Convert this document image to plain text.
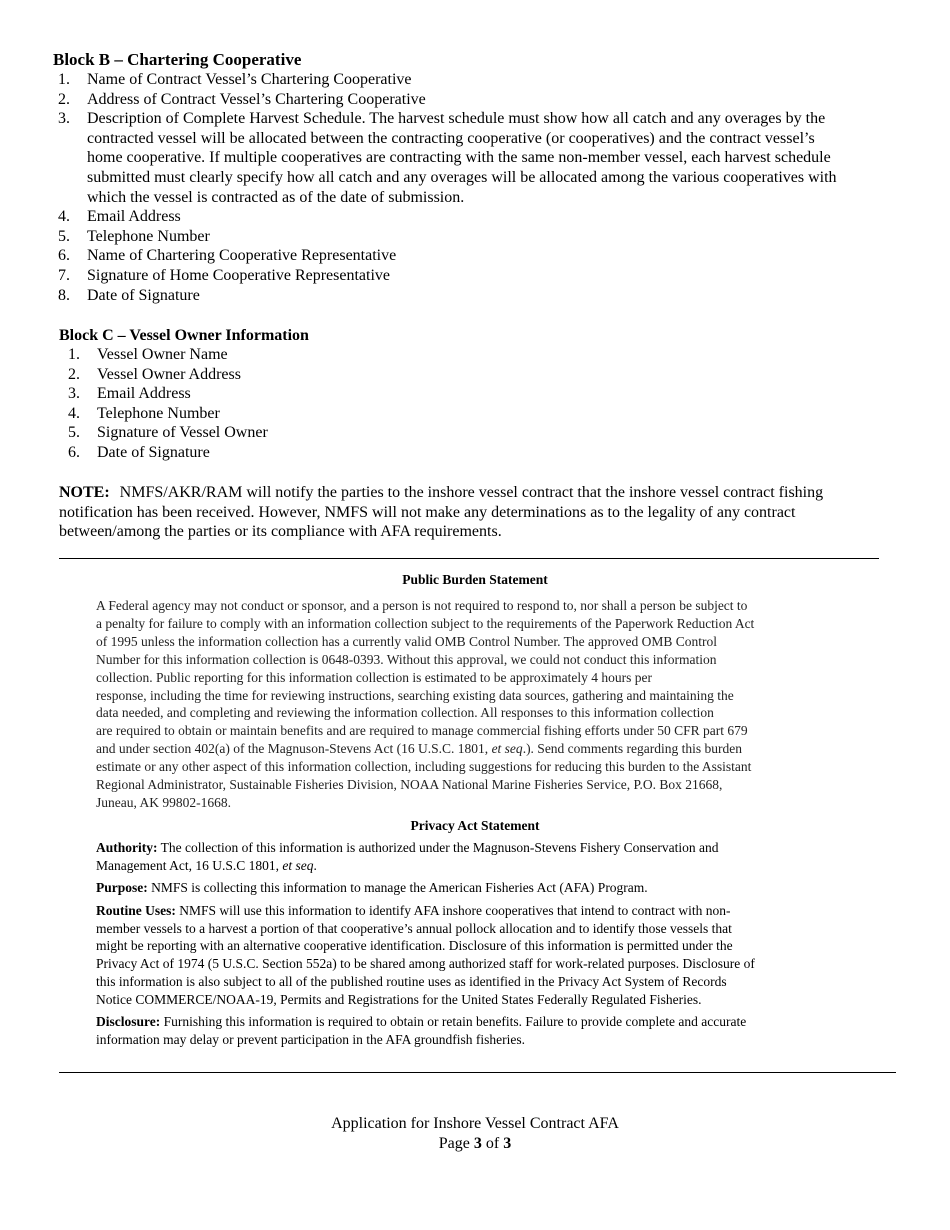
Block B – Chartering Cooperative
1. Name of Contract Vessel’s Chartering Cooperative
2. Address of Contract Vessel’s Chartering Cooperative
3. Description of Complete Harvest Schedule. The harvest schedule must show how all catch and any overages by the
contracted vessel will be allocated between the contracting cooperative (or cooperatives) and the contract vessel’s
home cooperative. If multiple cooperatives are contracting with the same non-member vessel, each harvest schedule
submitted must clearly specify how all catch and any overages will be allocated among the various cooperatives with
which the vessel is contracted as of the date of submission.
4. Email Address
5. Telephone Number
6. Name of Chartering Cooperative Representative
7. Signature of Home Cooperative Representative
8. Date of Signature
Block C – Vessel Owner Information
1. Vessel Owner Name
2. Vessel Owner Address
3. Email Address
4. Telephone Number
5. Signature of Vessel Owner
6. Date of Signature
NOTE: NMFS/AKR/RAM will notify the parties to the inshore vessel contract that the inshore vessel contract fishing
notification has been received. However, NMFS will not make any determinations as to the legality of any contract
between/among the parties or its compliance with AFA requirements.
Public Burden Statement
A Federal agency may not conduct or sponsor, and a person is not required to respond to, nor shall a person be subject to
a penalty for failure to comply with an information collection subject to the requirements of the Paperwork Reduction Act
of 1995 unless the information collection has a currently valid OMB Control Number. The approved OMB Control
Number for this information collection is 0648-0393. Without this approval, we could not conduct this information
collection. Public reporting for this information collection is estimated to be approximately 4 hours per
response, including the time for reviewing instructions, searching existing data sources, gathering and maintaining the
data needed, and completing and reviewing the information collection. All responses to this information collection
are required to obtain or maintain benefits and are required to manage commercial fishing efforts under 50 CFR part 679
and under section 402(a) of the Magnuson-Stevens Act (16 U.S.C. 1801, et seq.). Send comments regarding this burden
estimate or any other aspect of this information collection, including suggestions for reducing this burden to the Assistant
Regional Administrator, Sustainable Fisheries Division, NOAA National Marine Fisheries Service, P.O. Box 21668,
Juneau, AK 99802-1668.
Privacy Act Statement
Authority: The collection of this information is authorized under the Magnuson-Stevens Fishery Conservation and
Management Act, 16 U.S.C 1801, et seq.
Purpose: NMFS is collecting this information to manage the American Fisheries Act (AFA) Program.
Routine Uses: NMFS will use this information to identify AFA inshore cooperatives that intend to contract with non-
member vessels to a harvest a portion of that cooperative’s annual pollock allocation and to identify those vessels that
might be reporting with an alternative cooperative identification. Disclosure of this information is permitted under the
Privacy Act of 1974 (5 U.S.C. Section 552a) to be shared among authorized staff for work-related purposes. Disclosure of
this information is also subject to all of the published routine uses as identified in the Privacy Act System of Records
Notice COMMERCE/NOAA-19, Permits and Registrations for the United States Federally Regulated Fisheries.
Disclosure: Furnishing this information is required to obtain or retain benefits. Failure to provide complete and accurate
information may delay or prevent participation in the AFA groundfish fisheries.
Application for Inshore Vessel Contract AFA
Page 3 of 3
